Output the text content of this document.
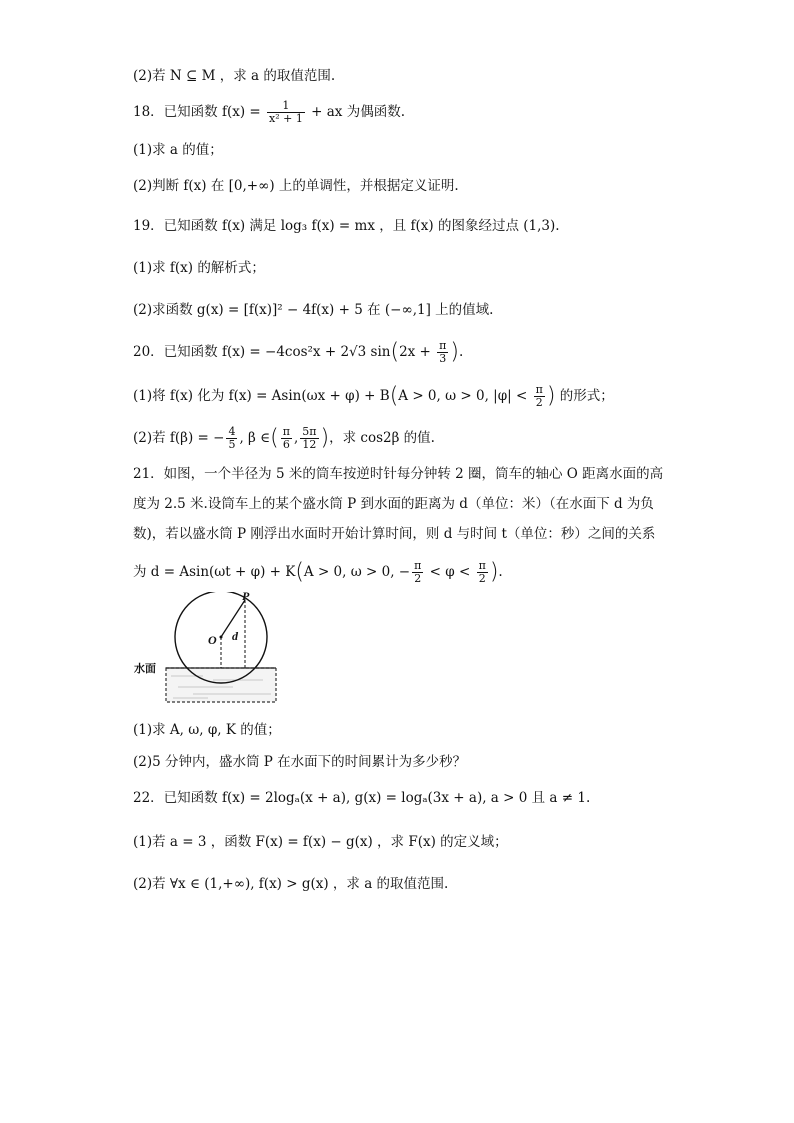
(2)若 N ⊆ M ，求 a 的取值范围.
18．已知函数 $f(x) = \frac{1}{\text{x² + 1}}$ + ax 为偶函数.
(1)求 a 的值；
(2)判断 f(x) 在 [0,+∞) 上的单调性，并根据定义证明.
19．已知函数 f(x) 满足 log₃ f(x) = mx ，且 f(x) 的图象经过点 (1,3).
(1)求 f(x) 的解析式；
(2)求函数 g(x) = [f(x)]² − 4f(x) + 5 在 (−∞,1] 上的值域.
20．已知函数 f(x) = −4cos²x + 2√3 $\sin(2x + \frac{\pi}{3}$ ).
(1)将 f(x) 化为 f(x) = Asin(ωx + φ) + B(A > 0, ω > 0, $|\varphi| < \frac{\pi}{2}$ ) 的形式；
(2)若 f(β) = − $\frac{4}{5}$ , β ∈( $\frac{\pi}{6}$ , $\frac{5\pi}{12}$ )，求 cos2β 的值.
21．如图，一个半径为 5 米的筒车按逆时针每分钟转 2 圈，筒车的轴心 O 距离水面的高
度为 2.5 米.设筒车上的某个盛水筒 P 到水面的距离为 d（单位：米）（在水面下 d 为负
数)，若以盛水筒 P 刚浮出水面时开始计算时间，则 d 与时间 t（单位：秒）之间的关系
为 d = Asin(ωt + φ) + K(A > 0, ω > 0, − $\frac{\pi}{2} < \varphi < \frac{\pi}{2}$ ).
P
O d
水面
(1)求 A, ω, φ, K 的值；
(2)5 分钟内，盛水筒 P 在水面下的时间累计为多少秒？
22．已知函数 f(x) = 2logₐ(x + a), g(x) = logₐ(3x + a), a > 0 且 a ≠ 1.
(1)若 a = 3 ，函数 F(x) = f(x) − g(x) ，求 F(x) 的定义域；
(2)若 ∀x ∈ (1,+∞), f(x) > g(x) ，求 a 的取值范围.
